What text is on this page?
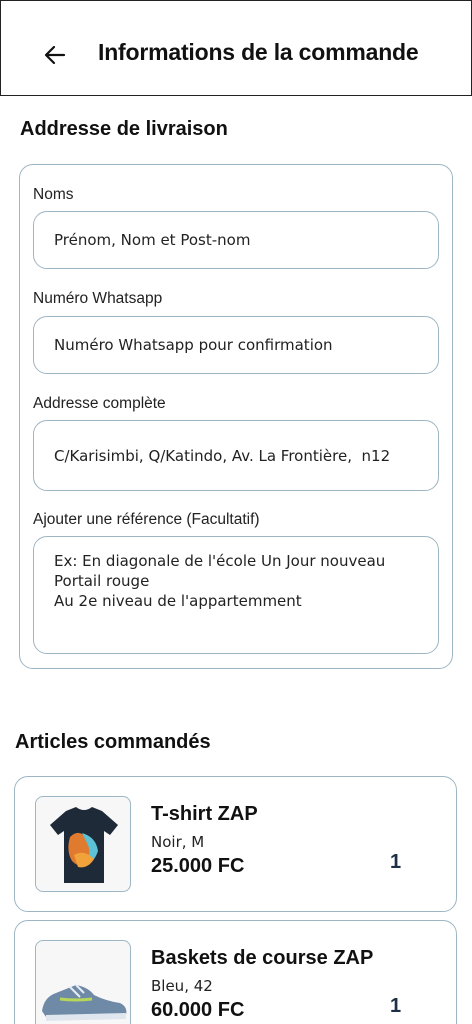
Informations de la commande
Addresse de livraison
Noms
Prénom, Nom et Post-nom
Numéro Whatsapp
Numéro Whatsapp pour confirmation
Addresse complète
C/Karisimbi, Q/Katindo, Av. La Frontière, n12
Ajouter une référence (Facultatif)
Ex: En diagonale de l'école Un Jour nouveau Portail rouge Au 2e niveau de l'appartemment
Articles commandés
T-shirt ZAP
Noir, M
25.000 FC	1
Baskets de course ZAP
Bleu, 42
60.000 FC	1
